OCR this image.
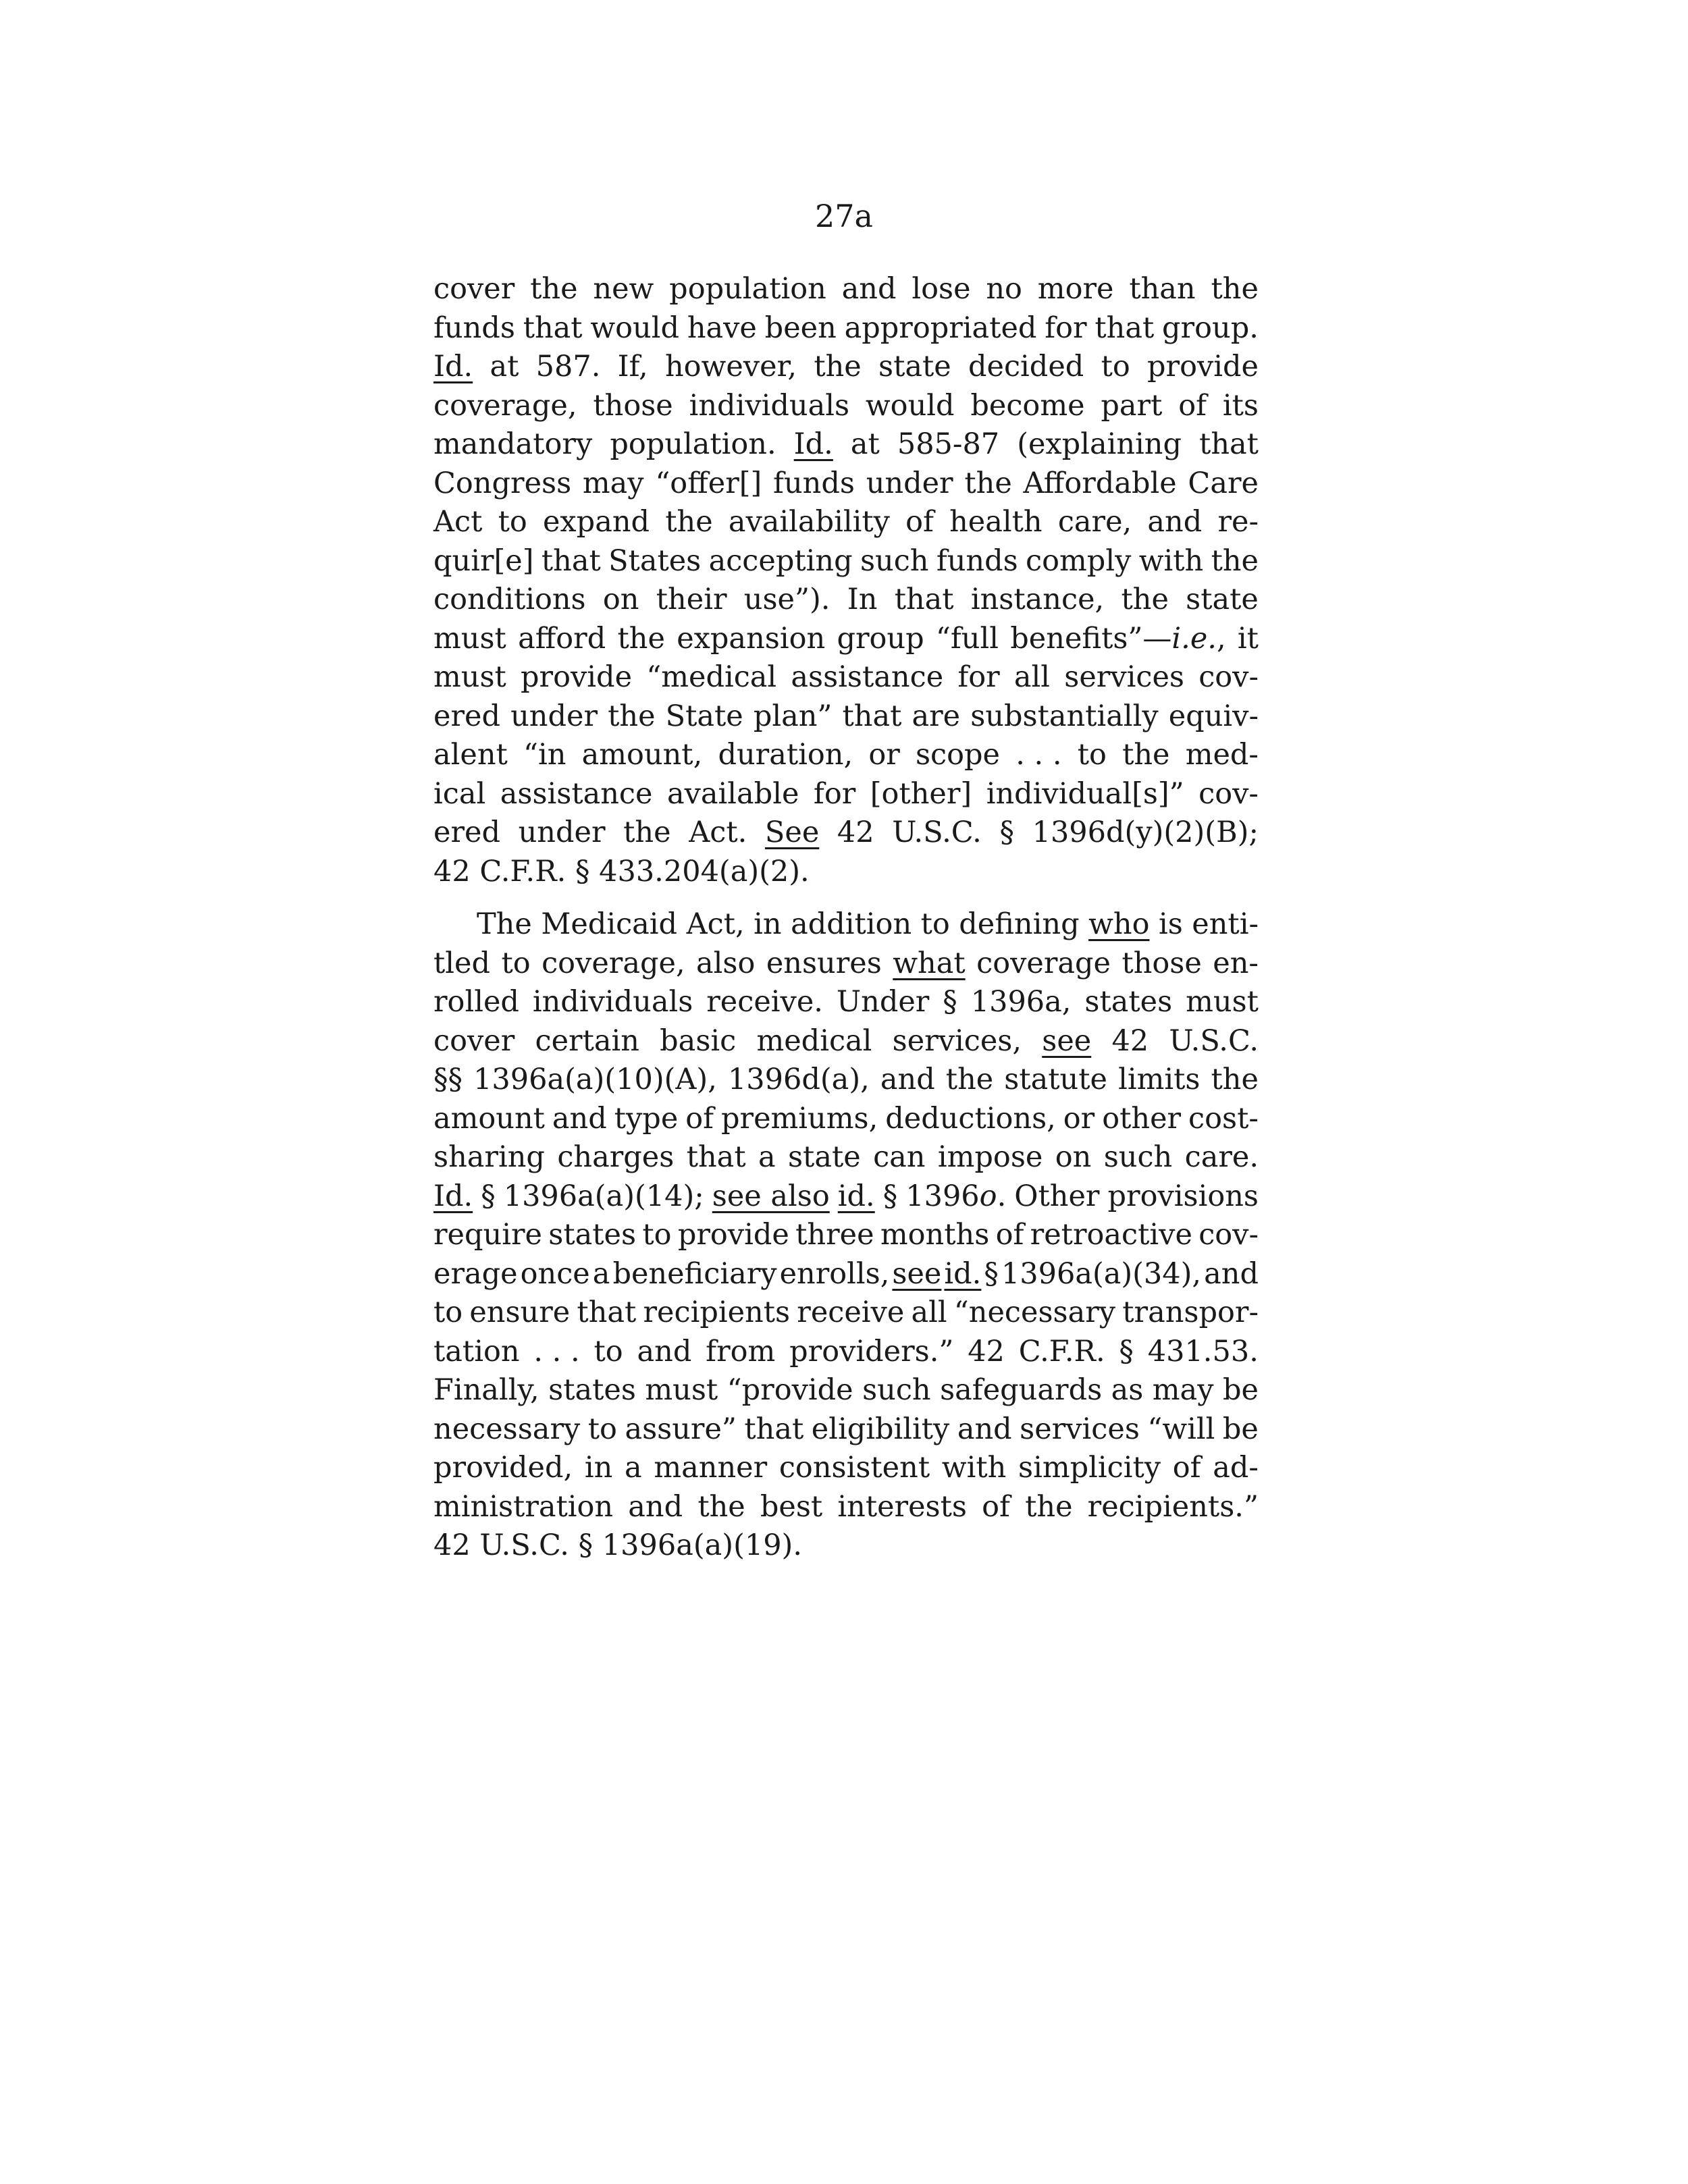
27a
cover the new population and lose no more than the
funds that would have been appropriated for that group.
Id. at 587. If, however, the state decided to provide
coverage, those individuals would become part of its
mandatory population. Id. at 585-87 (explaining that
Congress may “offer[] funds under the Affordable Care
Act to expand the availability of health care, and re-
quir[e] that States accepting such funds comply with the
conditions on their use”). In that instance, the state
must afford the expansion group “full benefits”—i.e., it
must provide “medical assistance for all services cov-
ered under the State plan” that are substantially equiv-
alent “in amount, duration, or scope . . . to the med-
ical assistance available for [other] individual[s]” cov-
ered under the Act. See 42 U.S.C. § 1396d(y)(2)(B);
42 C.F.R. § 433.204(a)(2).
The Medicaid Act, in addition to defining who is enti-
tled to coverage, also ensures what coverage those en-
rolled individuals receive. Under § 1396a, states must
cover certain basic medical services, see 42 U.S.C.
§§ 1396a(a)(10)(A), 1396d(a), and the statute limits the
amount and type of premiums, deductions, or other cost-
sharing charges that a state can impose on such care.
Id. § 1396a(a)(14); see also id. § 1396o. Other provisions
require states to provide three months of retroactive cov-
erage once a beneficiary enrolls, see id. § 1396a(a)(34), and
to ensure that recipients receive all “necessary transpor-
tation . . . to and from providers.” 42 C.F.R. § 431.53.
Finally, states must “provide such safeguards as may be
necessary to assure” that eligibility and services “will be
provided, in a manner consistent with simplicity of ad-
ministration and the best interests of the recipients.”
42 U.S.C. § 1396a(a)(19).
